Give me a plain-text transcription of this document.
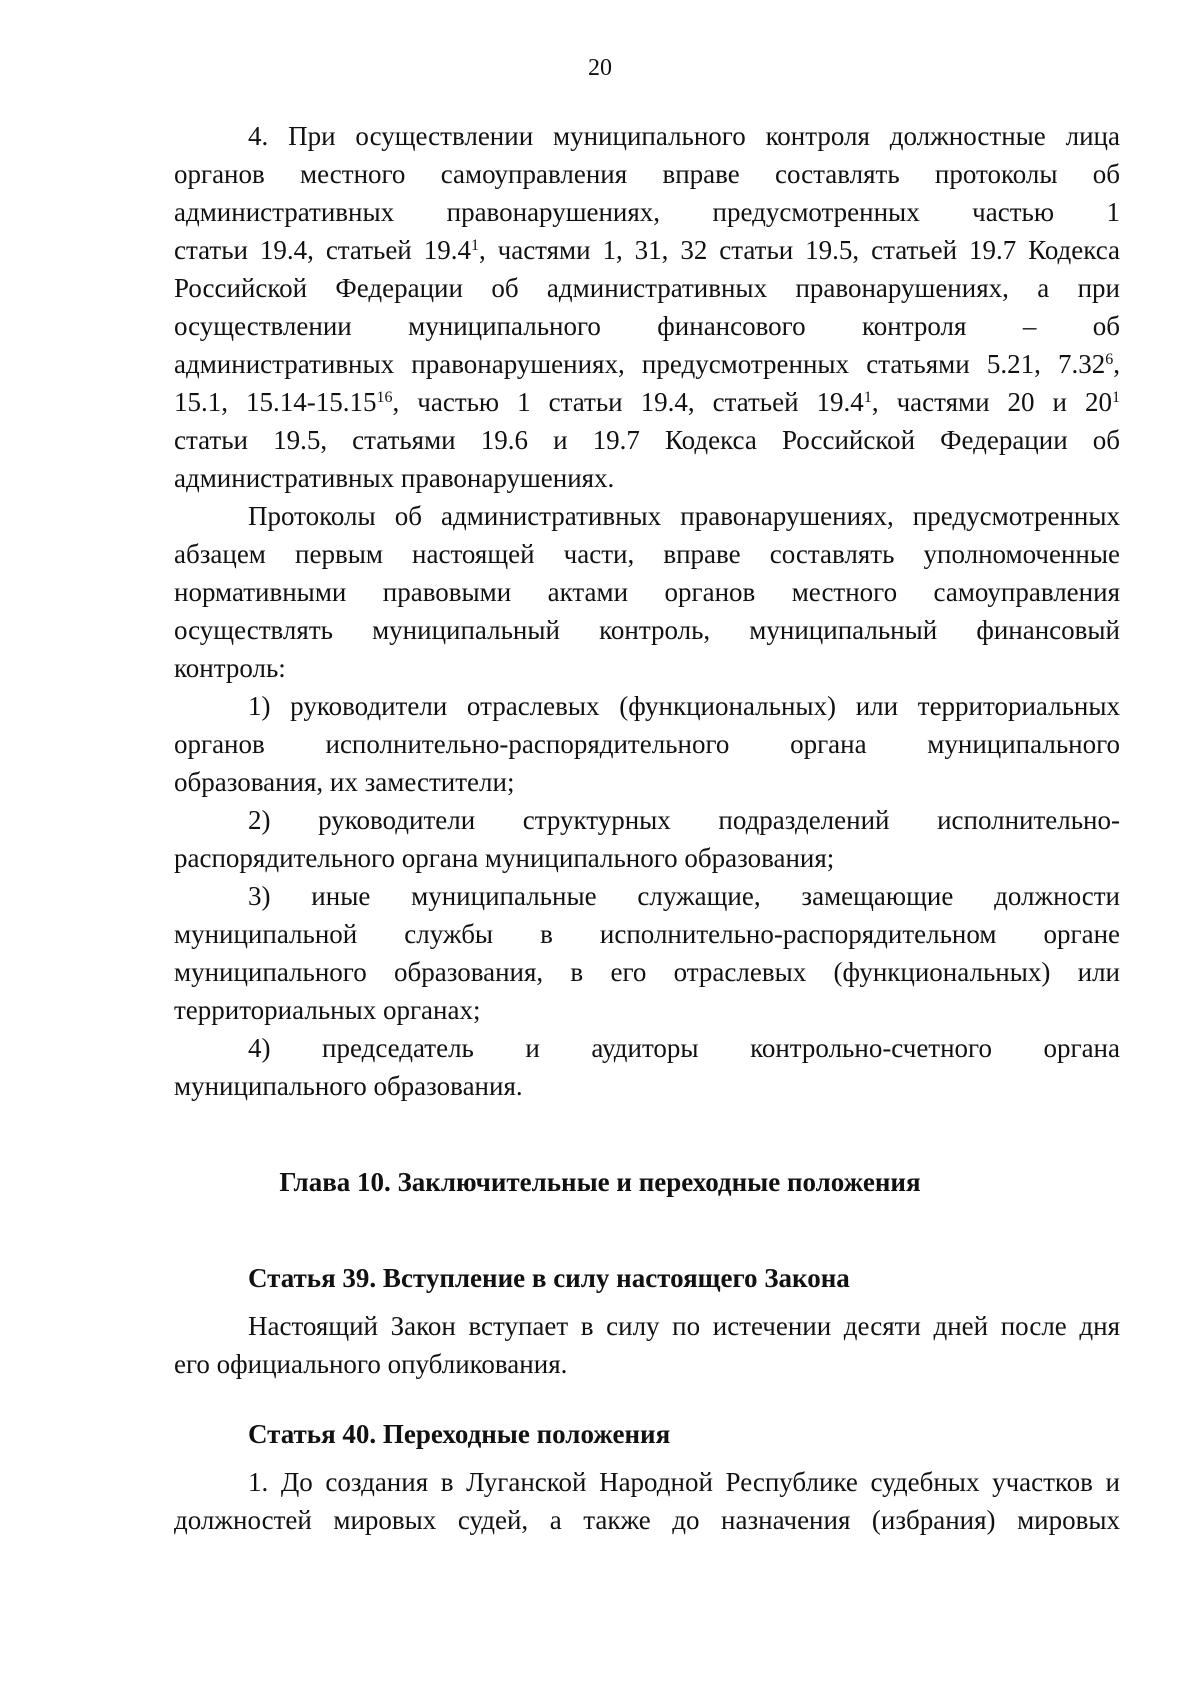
20
4. При осуществлении муниципального контроля должностные лица
органов местного самоуправления вправе составлять протоколы об
административных правонарушениях, предусмотренных частью 1
статьи 19.4, статьей 19.4$^1$, частями 1, 31, 32 статьи 19.5, статьей 19.7 Кодекса
Российской Федерации об административных правонарушениях, а при
осуществлении муниципального финансового контроля – об
административных правонарушениях, предусмотренных статьями 5.21, 7.32$^6$,
15.1, 15.14-15.15$^{16}$, частью 1 статьи 19.4, статьей 19.4$^1$, частями 20 и $20^1$
статьи 19.5, статьями 19.6 и 19.7 Кодекса Российской Федерации об
административных правонарушениях.
Протоколы об административных правонарушениях, предусмотренных
абзацем первым настоящей части, вправе составлять уполномоченные
нормативными правовыми актами органов местного самоуправления
осуществлять муниципальный контроль, муниципальный финансовый
контроль:
1) руководители отраслевых (функциональных) или территориальных
органов исполнительно-распорядительного органа муниципального
образования, их заместители;
2) руководители структурных подразделений исполнительно-
распорядительного органа муниципального образования;
3) иные муниципальные служащие, замещающие должности
муниципальной службы в исполнительно-распорядительном органе
муниципального образования, в его отраслевых (функциональных) или
территориальных органах;
4) председатель и аудиторы контрольно-счетного органа
муниципального образования.
Глава 10. Заключительные и переходные положения
Статья 39. Вступление в силу настоящего Закона
Настоящий Закон вступает в силу по истечении десяти дней после дня
его официального опубликования.
Статья 40. Переходные положения
1. До создания в Луганской Народной Республике судебных участков и
должностей мировых судей, а также до назначения (избрания) мировых
